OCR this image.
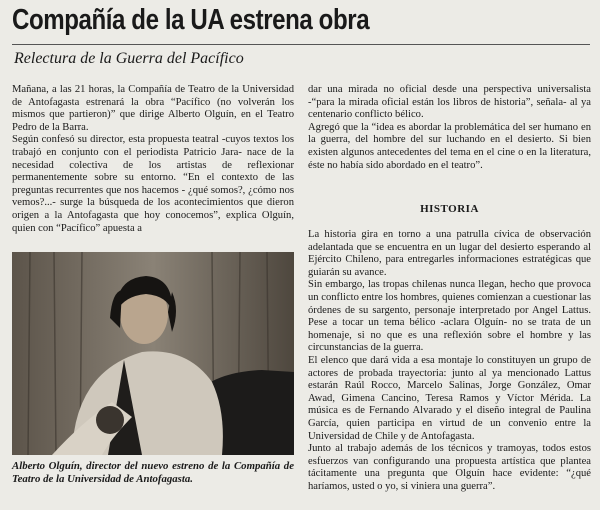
Compañía de la UA estrena obra
Relectura de la Guerra del Pacífico

Mañana, a las 21 horas, la Compañía de Teatro de la Universidad de Antofagasta estrenará la obra “Pacífico (no volverán los mismos que partieron)” que dirige Alberto Olguín, en el Teatro Pedro de la Barra.

Según confesó su director, esta propuesta teatral -cuyos textos los trabajó en conjunto con el periodista Patricio Jara- nace de la necesidad colectiva de los artistas de reflexionar permanentemente sobre su entorno. “En el contexto de las preguntas recurrentes que nos hacemos - ¿qué somos?, ¿cómo nos vemos?...- surge la búsqueda de los acontecimientos que dieron origen a la Antofagasta que hoy conocemos”, explica Olguín, quien con “Pacífico” apuesta a

Alberto Olguín, director del nuevo estreno de la Compañía de Teatro de la Universidad de Antofagasta.

dar una mirada no oficial desde una perspectiva universalista -“para la mirada oficial están los libros de historia”, señala- al ya centenario conflicto bélico.

Agregó que la “idea es abordar la problemática del ser humano en la guerra, del hombre del sur luchando en el desierto. Si bien existen algunos antecedentes del tema en el cine o en la literatura, éste no había sido abordado en el teatro”.

HISTORIA

La historia gira en torno a una patrulla cívica de observación adelantada que se encuentra en un lugar del desierto esperando al Ejército Chileno, para entregarles informaciones estratégicas que guiarán su avance.

Sin embargo, las tropas chilenas nunca llegan, hecho que provoca un conflicto entre los hombres, quienes comienzan a cuestionar las órdenes de su sargento, personaje interpretado por Angel Lattus. Pese a tocar un tema bélico -aclara Olguín- no se trata de un homenaje, si no que es una reflexión sobre el hombre y las circunstancias de la guerra.

El elenco que dará vida a esa montaje lo constituyen un grupo de actores de probada trayectoria: junto al ya mencionado Lattus estarán Raúl Rocco, Marcelo Salinas, Jorge González, Omar Awad, Gimena Cancino, Teresa Ramos y Víctor Mérida. La música es de Fernando Alvarado y el diseño integral de Paulina García, quien participa en virtud de un convenio entre la Universidad de Chile y de Antofagasta.

Junto al trabajo además de los técnicos y tramoyas, todos estos esfuerzos van configurando una propuesta artística que plantea tácitamente una pregunta que Olguín hace evidente: “¿qué haríamos, usted o yo, si viniera una guerra”.
